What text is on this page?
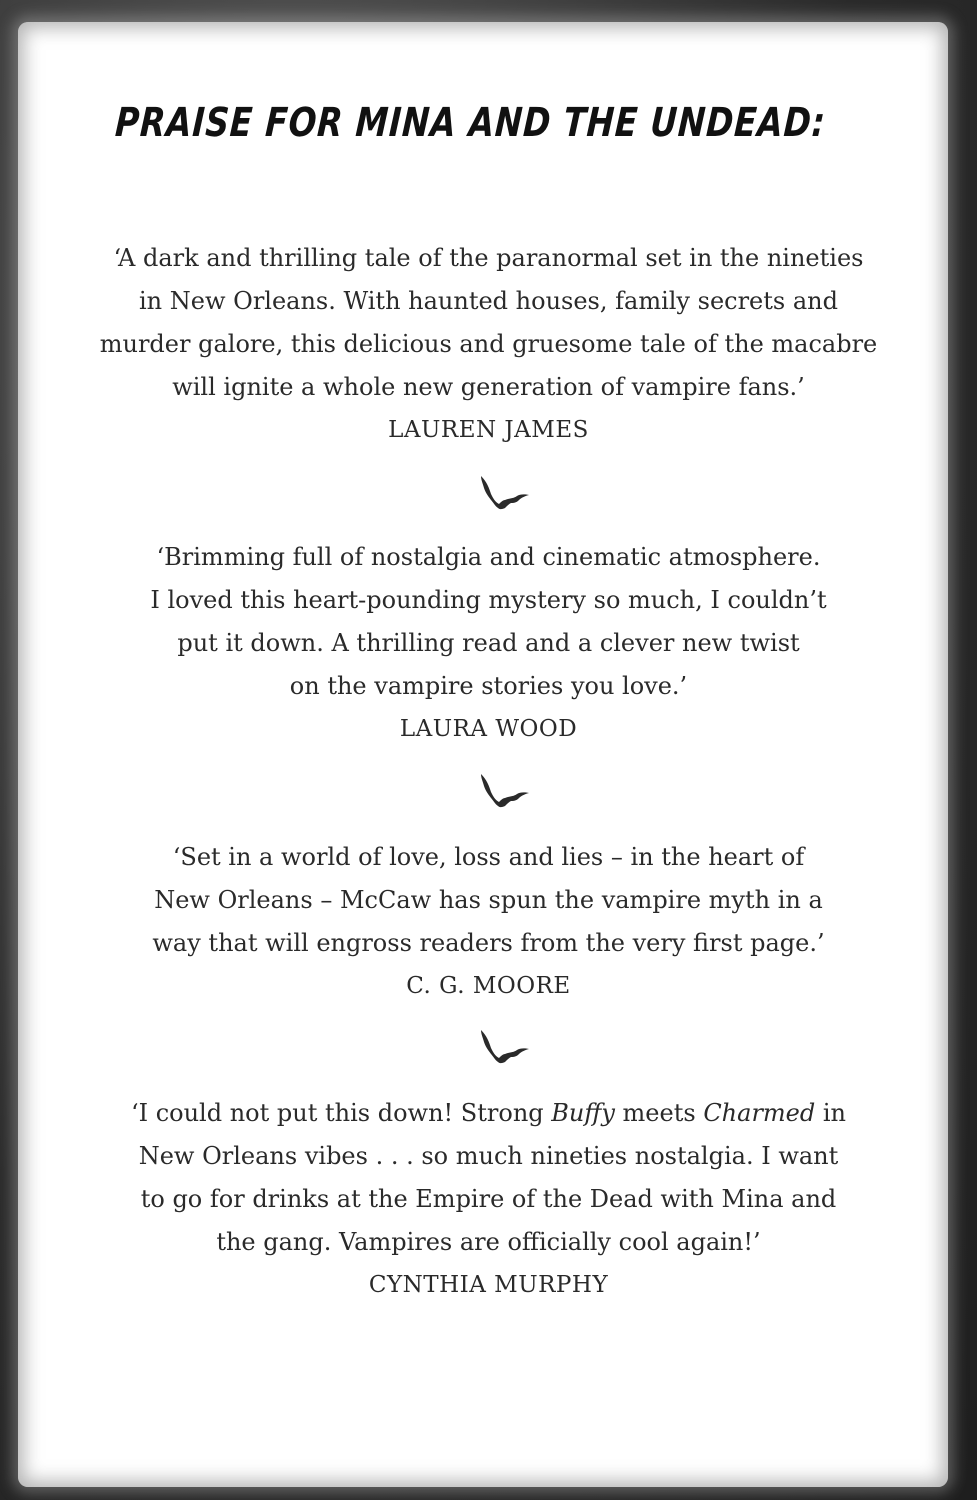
PRAISE FOR MINA AND THE UNDEAD:
‘A dark and thrilling tale of the paranormal set in the nineties
in New Orleans. With haunted houses, family secrets and
murder galore, this delicious and gruesome tale of the macabre
will ignite a whole new generation of vampire fans.’
LAUREN JAMES
‘Brimming full of nostalgia and cinematic atmosphere.
I loved this heart-pounding mystery so much, I couldn’t
put it down. A thrilling read and a clever new twist
on the vampire stories you love.’
LAURA WOOD
‘Set in a world of love, loss and lies – in the heart of
New Orleans – McCaw has spun the vampire myth in a
way that will engross readers from the very first page.’
C. G. MOORE
‘I could not put this down! Strong Buffy meets Charmed in
New Orleans vibes . . . so much nineties nostalgia. I want
to go for drinks at the Empire of the Dead with Mina and
the gang. Vampires are officially cool again!’
CYNTHIA MURPHY
